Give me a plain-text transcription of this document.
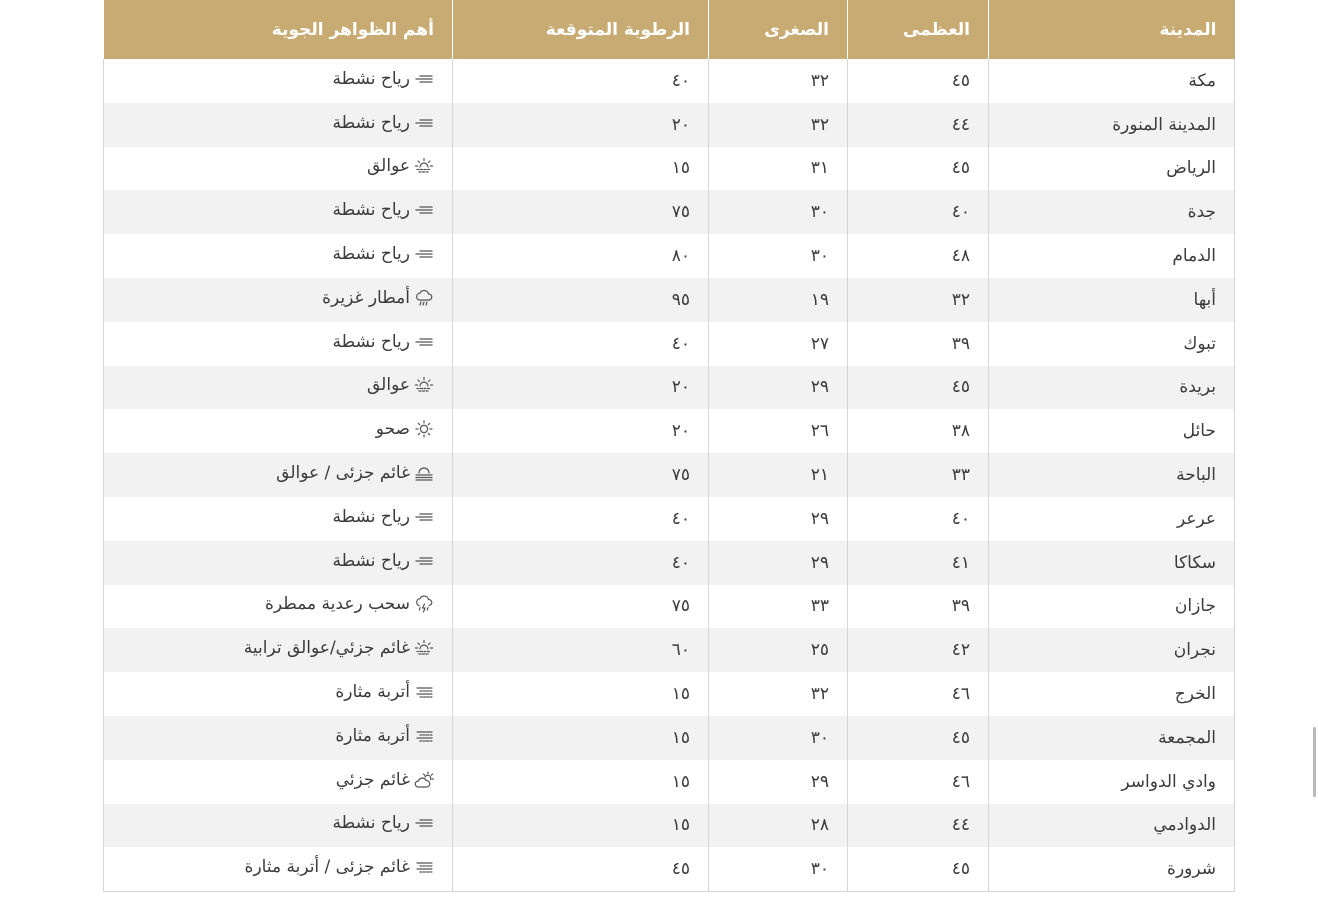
المدينة	العظمى	الصغرى	الرطوبة المتوقعة	أهم الظواهر الجوية
مكة	٤٥	٣٢	٤٠	رياح نشطة

المدينة المنورة	٤٤	٣٢	٢٠	رياح نشطة

الرياض	٤٥	٣١	١٥	عوالق

جدة	٤٠	٣٠	٧٥	رياح نشطة

الدمام	٤٨	٣٠	٨٠	رياح نشطة

أبها	٣٢	١٩	٩٥	أمطار غزيرة

تبوك	٣٩	٢٧	٤٠	رياح نشطة

بريدة	٤٥	٢٩	٢٠	عوالق

حائل	٣٨	٢٦	٢٠	صحو

الباحة	٣٣	٢١	٧٥	غائم جزئى / عوالق

عرعر	٤٠	٢٩	٤٠	رياح نشطة

سكاكا	٤١	٢٩	٤٠	رياح نشطة

جازان	٣٩	٣٣	٧٥	سحب رعدية ممطرة

نجران	٤٢	٢٥	٦٠	غائم جزئي/عوالق ترابية

الخرج	٤٦	٣٢	١٥	أتربة مثارة

المجمعة	٤٥	٣٠	١٥	أتربة مثارة

وادي الدواسر	٤٦	٢٩	١٥	غائم جزئي

الدوادمي	٤٤	٢٨	١٥	رياح نشطة

شرورة	٤٥	٣٠	٤٥	غائم جزئى / أتربة مثارة
